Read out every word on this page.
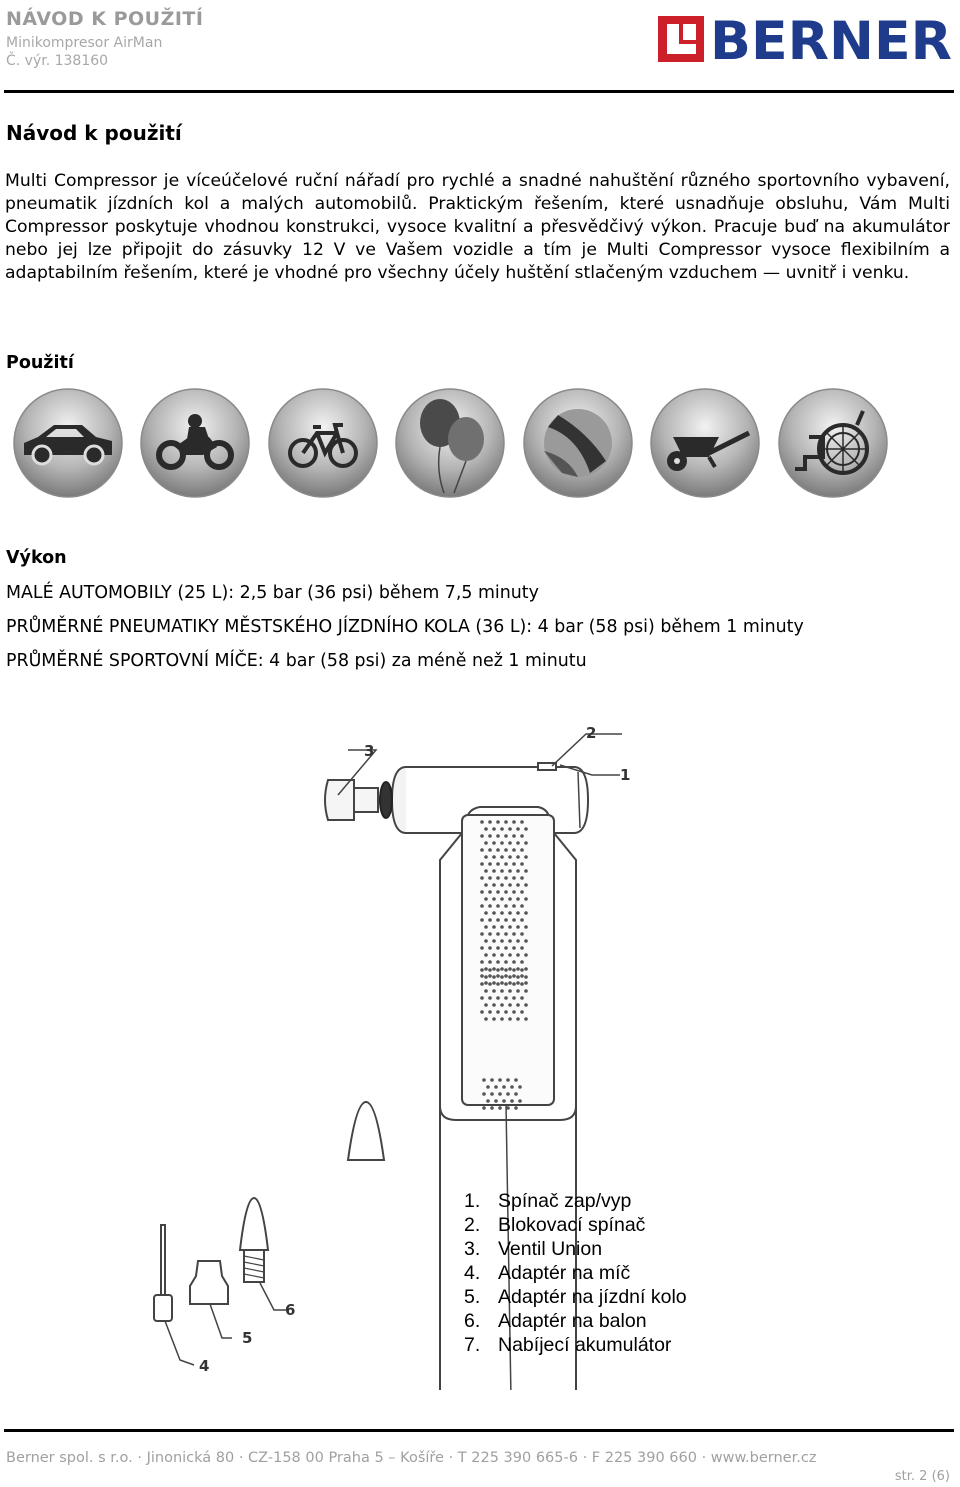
NÁVOD K POUŽITÍ
Minikompresor AirMan
Č. výr. 138160	BERNER
Návod k použití
Multi Compressor je víceúčelové ruční nářadí pro rychlé a snadné nahuštění různého sportovního vybavení, pneumatik jízdních kol a malých automobilů. Praktickým řešením, které usnadňuje obsluhu, Vám Multi Compressor poskytuje vhodnou konstrukci, vysoce kvalitní a přesvědčivý výkon. Pracuje buď na akumulátor nebo jej lze připojit do zásuvky 12 V ve Vašem vozidle a tím je Multi Compressor vysoce flexibilním a adaptabilním řešením, které je vhodné pro všechny účely huštění stlačeným vzduchem — uvnitř i venku.
Použití
Výkon
MALÉ AUTOMOBILY (25 L): 2,5 bar (36 psi) během 7,5 minuty
PRŮMĚRNÉ PNEUMATIKY MĚSTSKÉHO JÍZDNÍHO KOLA (36 L): 4 bar (58 psi) během 1 minuty
PRŮMĚRNÉ SPORTOVNÍ MÍČE: 4 bar (58 psi) za méně než 1 minutu
1
2
3
4
5
6
1. Spínač zap/vyp
2. Blokovací spínač
3. Ventil Union
4. Adaptér na míč
5. Adaptér na jízdní kolo
6. Adaptér na balon
7. Nabíjecí akumulátor
Berner spol. s r.o. · Jinonická 80 · CZ-158 00 Praha 5 – Košíře · T 225 390 665-6 · F 225 390 660 · www.berner.cz
str. 2 (6)
